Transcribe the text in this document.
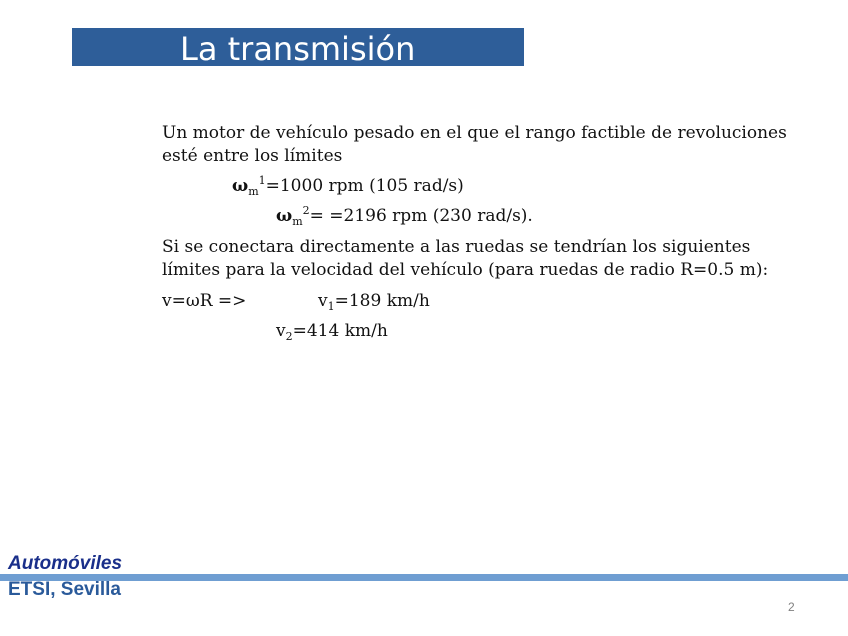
La transmisión
Un motor de vehículo pesado en el que el rango factible de revoluciones
esté entre los límites
$\omega_m^1=1000$ rpm (105 rad/s)
$\omega_m^2= =2196$ rpm (230 rad/s).
Si se conectara directamente a las ruedas se tendrían los siguientes
límites para la velocidad del vehículo (para ruedas de radio R=0.5 m):
v=ωR =>	$v_1=189$ km/h
$v_2=414$ km/h
Automóviles
ETSI, Sevilla
2
